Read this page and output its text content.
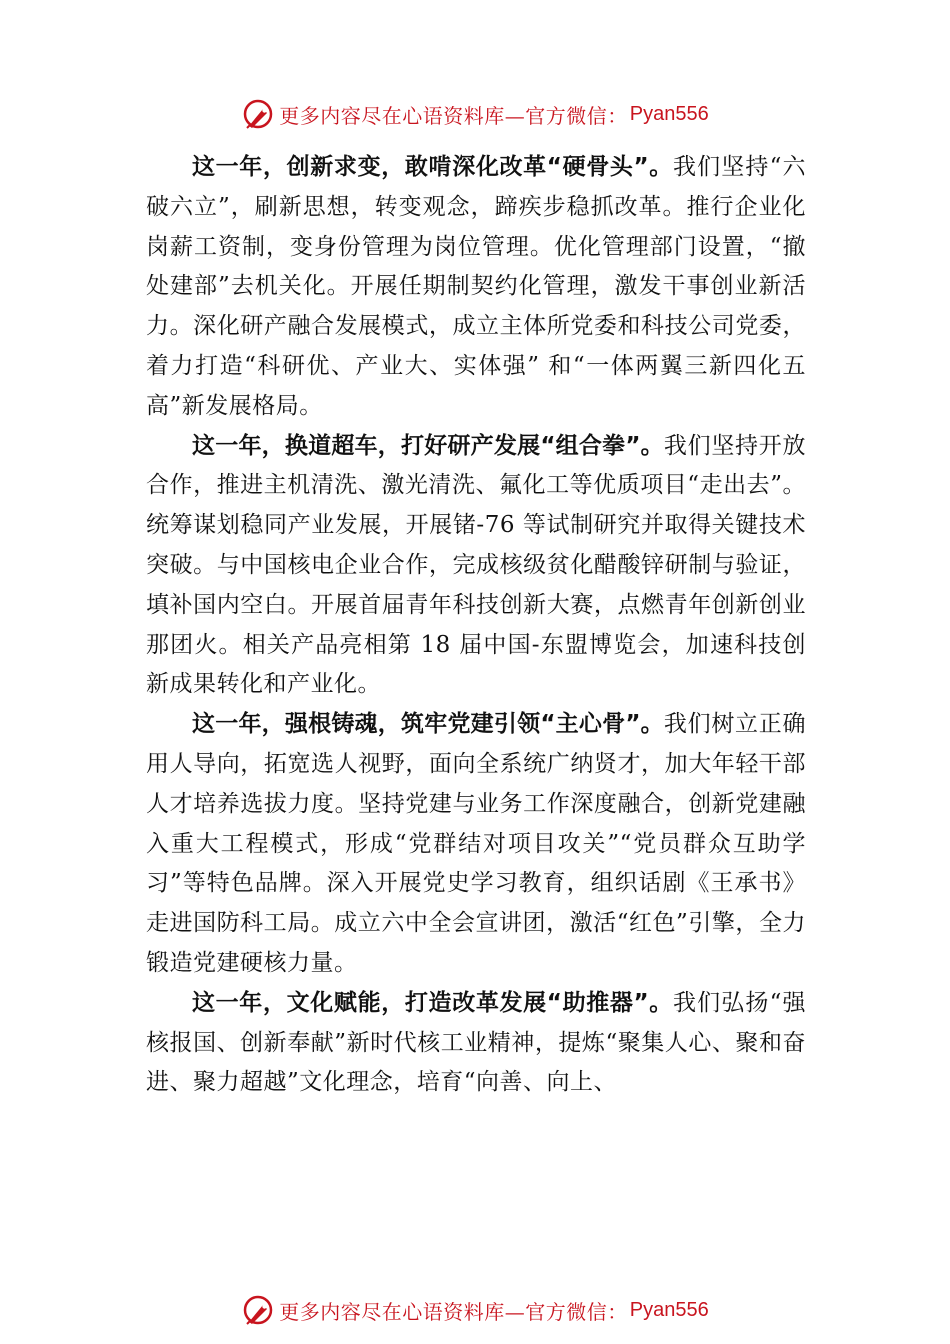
更多内容尽在心语资料库—官方微信： Pyan556

这一年，创新求变，敢啃深化改革“硬骨头”。我们坚持“六破六立”，刷新思想，转变观念，蹄疾步稳抓改革。推行企业化岗薪工资制，变身份管理为岗位管理。优化管理部门设置，“撤处建部”去机关化。开展任期制契约化管理，激发干事创业新活力。深化研产融合发展模式，成立主体所党委和科技公司党委，着力打造“科研优、产业大、实体强” 和“一体两翼三新四化五高”新发展格局。

这一年，换道超车，打好研产发展“组合拳”。我们坚持开放合作，推进主机清洗、激光清洗、氟化工等优质项目“走出去”。统筹谋划稳同产业发展，开展锗-76 等试制研究并取得关键技术突破。与中国核电企业合作，完成核级贫化醋酸锌研制与验证，填补国内空白。开展首届青年科技创新大赛，点燃青年创新创业那团火。相关产品亮相第 18 届中国-东盟博览会，加速科技创新成果转化和产业化。

这一年，强根铸魂，筑牢党建引领“主心骨”。我们树立正确用人导向，拓宽选人视野，面向全系统广纳贤才，加大年轻干部人才培养选拔力度。坚持党建与业务工作深度融合，创新党建融入重大工程模式，形成“党群结对项目攻关”“党员群众互助学习”等特色品牌。深入开展党史学习教育，组织话剧《王承书》走进国防科工局。成立六中全会宣讲团，激活“红色”引擎，全力锻造党建硬核力量。

这一年，文化赋能，打造改革发展“助推器”。我们弘扬“强核报国、创新奉献”新时代核工业精神，提炼“聚集人心、聚和奋进、聚力超越”文化理念，培育“向善、向上、

更多内容尽在心语资料库—官方微信： Pyan556
